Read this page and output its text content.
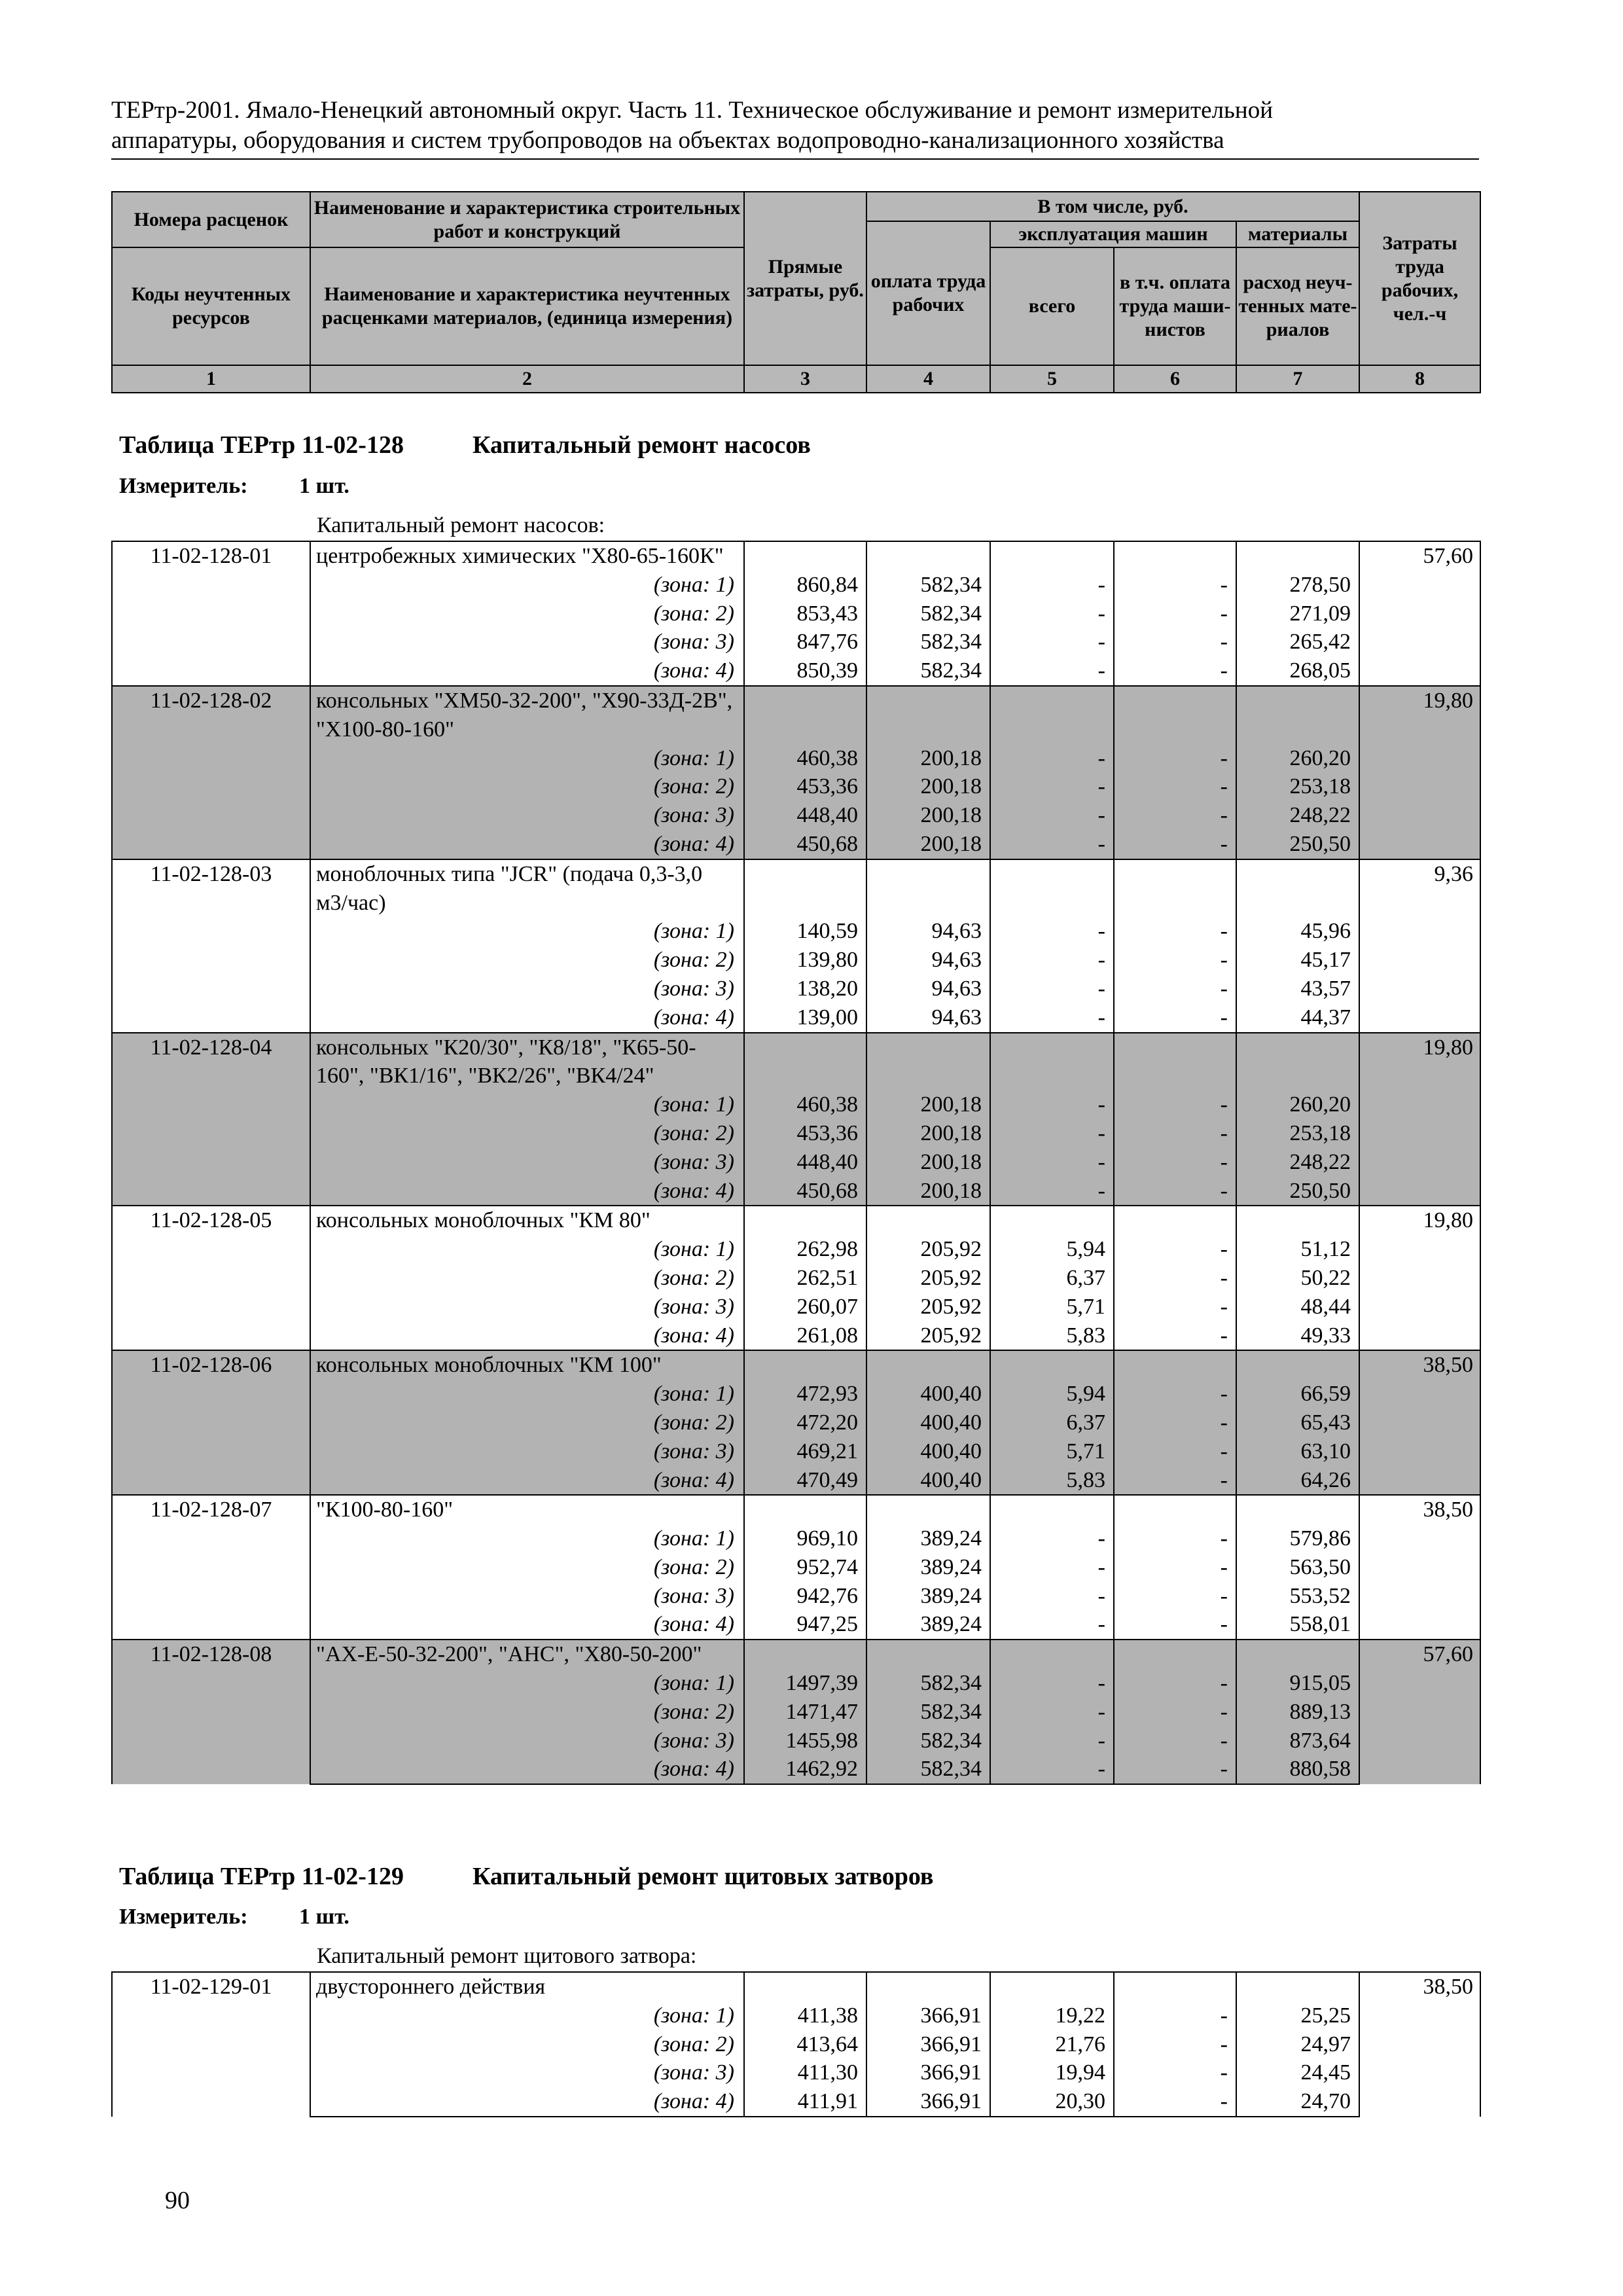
ТЕРтр-2001. Ямало-Ненецкий автономный округ. Часть 11. Техническое обслуживание и ремонт измерительной
аппаратуры, оборудования и систем трубопроводов на объектах водопроводно-канализационного хозяйства
Номера расценок	Наименование и характеристика строительных работ и конструкций	Прямые затраты, руб.	В том числе, руб.				Затраты труда рабочих, чел.-ч
			оплата труда рабочих	эксплуатация машин		материалы	
Коды неучтенных ресурсов	Наименование и характеристика неучтенных расценками материалов, (единица измерения)			всего	в т.ч. оплата труда маши-нистов	расход неуч-тенных мате-риалов	

1	2	3	4	5	6	7	8
Таблица ТЕРтр 11-02-128	Капитальный ремонт насосов
Измеритель: 1 шт.
Капитальный ремонт насосов:
11-02-128-01	центробежных химических "Х80-65-160К"						57,60

	(зона: 1)	860,84	582,34	-	-	278,50	
	(зона: 2)	853,43	582,34	-	-	271,09	
	(зона: 3)	847,76	582,34	-	-	265,42	
	(зона: 4)	850,39	582,34	-	-	268,05	
11-02-128-02	консольных "ХМ50-32-200", "Х90-33Д-2В", "Х100-80-160"						19,80

	(зона: 1)	460,38	200,18	-	-	260,20	
	(зона: 2)	453,36	200,18	-	-	253,18	
	(зона: 3)	448,40	200,18	-	-	248,22	
	(зона: 4)	450,68	200,18	-	-	250,50	
11-02-128-03	моноблочных типа "JCR" (подача 0,3-3,0 м3/час)						9,36

	(зона: 1)	140,59	94,63	-	-	45,96	
	(зона: 2)	139,80	94,63	-	-	45,17	
	(зона: 3)	138,20	94,63	-	-	43,57	
	(зона: 4)	139,00	94,63	-	-	44,37	
11-02-128-04	консольных "К20/30", "К8/18", "К65-50-160", "ВК1/16", "ВК2/26", "ВК4/24"						19,80

	(зона: 1)	460,38	200,18	-	-	260,20	
	(зона: 2)	453,36	200,18	-	-	253,18	
	(зона: 3)	448,40	200,18	-	-	248,22	
	(зона: 4)	450,68	200,18	-	-	250,50	
11-02-128-05	консольных моноблочных "КМ 80"						19,80
	(зона: 1)	262,98	205,92	5,94	-	51,12	
	(зона: 2)	262,51	205,92	6,37	-	50,22	
	(зона: 3)	260,07	205,92	5,71	-	48,44	
	(зона: 4)	261,08	205,92	5,83	-	49,33	
11-02-128-06	консольных моноблочных "КМ 100"						38,50
	(зона: 1)	472,93	400,40	5,94	-	66,59	
	(зона: 2)	472,20	400,40	6,37	-	65,43	
	(зона: 3)	469,21	400,40	5,71	-	63,10	
	(зона: 4)	470,49	400,40	5,83	-	64,26	
11-02-128-07	"К100-80-160"						38,50
	(зона: 1)	969,10	389,24	-	-	579,86	
	(зона: 2)	952,74	389,24	-	-	563,50	
	(зона: 3)	942,76	389,24	-	-	553,52	
	(зона: 4)	947,25	389,24	-	-	558,01	
11-02-128-08	"АХ-Е-50-32-200", "АНС", "Х80-50-200"						57,60

	(зона: 1)	1497,39	582,34	-	-	915,05	
	(зона: 2)	1471,47	582,34	-	-	889,13	
	(зона: 3)	1455,98	582,34	-	-	873,64	
	(зона: 4)	1462,92	582,34	-	-	880,58	
Таблица ТЕРтр 11-02-129	Капитальный ремонт щитовых затворов
Измеритель: 1 шт.
Капитальный ремонт щитового затвора:
11-02-129-01	двустороннего действия						38,50
	(зона: 1)	411,38	366,91	19,22	-	25,25	
	(зона: 2)	413,64	366,91	21,76	-	24,97	
	(зона: 3)	411,30	366,91	19,94	-	24,45	
	(зона: 4)	411,91	366,91	20,30	-	24,70	
90
